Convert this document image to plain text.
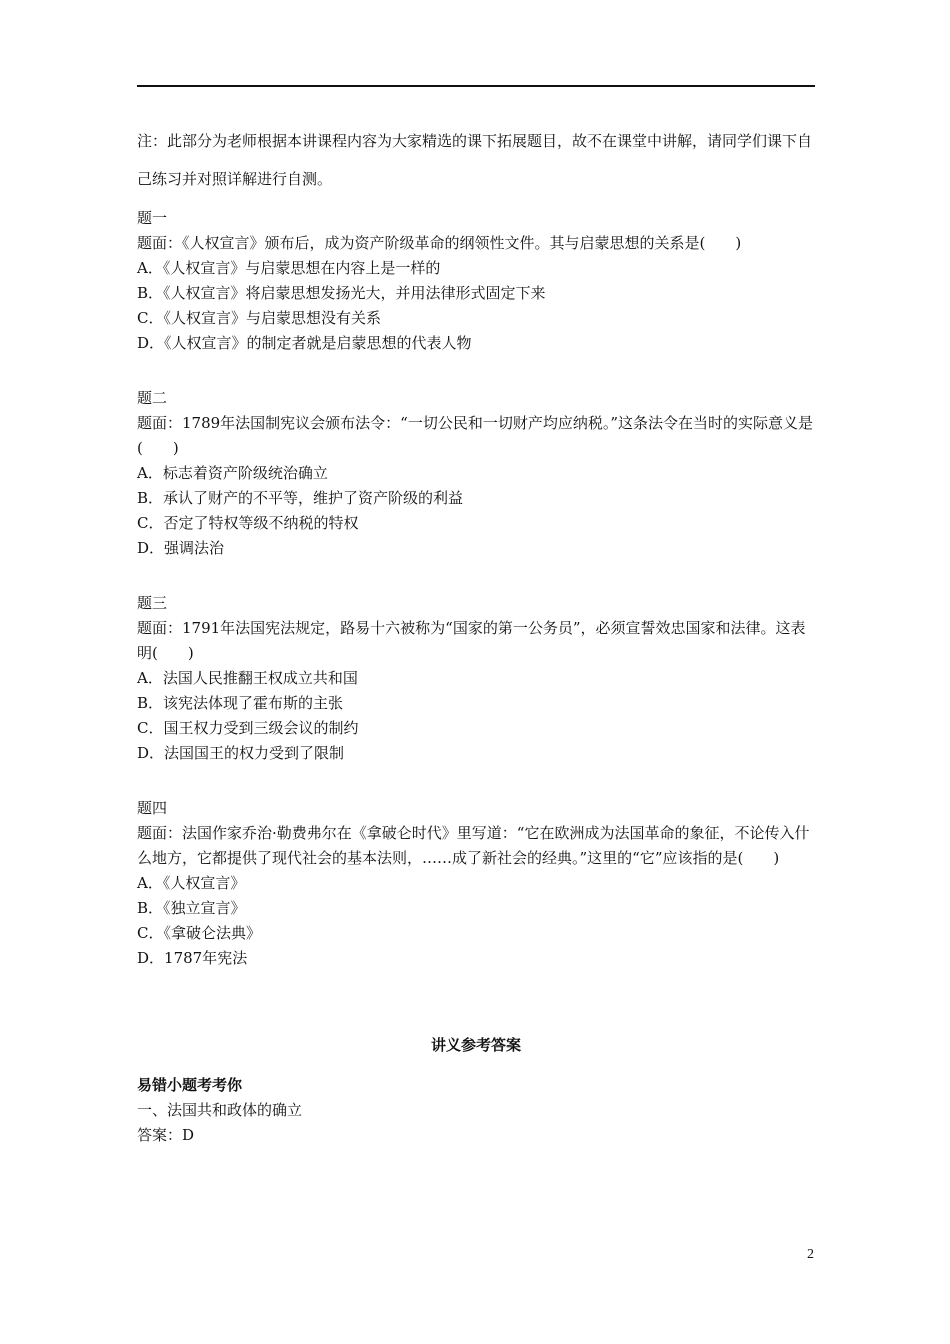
注：此部分为老师根据本讲课程内容为大家精选的课下拓展题目，故不在课堂中讲解，请同学们课下自己练习并对照详解进行自测。

题一

题面：《人权宣言》颁布后，成为资产阶级革命的纲领性文件。其与启蒙思想的关系是(　　)

A．《人权宣言》与启蒙思想在内容上是一样的

B．《人权宣言》将启蒙思想发扬光大，并用法律形式固定下来

C．《人权宣言》与启蒙思想没有关系

D．《人权宣言》的制定者就是启蒙思想的代表人物

题二

题面：1789年法国制宪议会颁布法令：“一切公民和一切财产均应纳税。”这条法令在当时的实际意义是(　　)

A．标志着资产阶级统治确立

B．承认了财产的不平等，维护了资产阶级的利益

C．否定了特权等级不纳税的特权

D．强调法治

题三

题面：1791年法国宪法规定，路易十六被称为“国家的第一公务员”，必须宣誓效忠国家和法律。这表明(　　)

A．法国人民推翻王权成立共和国

B．该宪法体现了霍布斯的主张

C．国王权力受到三级会议的制约

D．法国国王的权力受到了限制

题四

题面：法国作家乔治·勒费弗尔在《拿破仑时代》里写道：“它在欧洲成为法国革命的象征，不论传入什么地方，它都提供了现代社会的基本法则，……成了新社会的经典。”这里的“它”应该指的是(　　)

A．《人权宣言》

B．《独立宣言》

C．《拿破仑法典》

D．1787年宪法

讲义参考答案

易错小题考考你

一、法国共和政体的确立

答案：D

2
